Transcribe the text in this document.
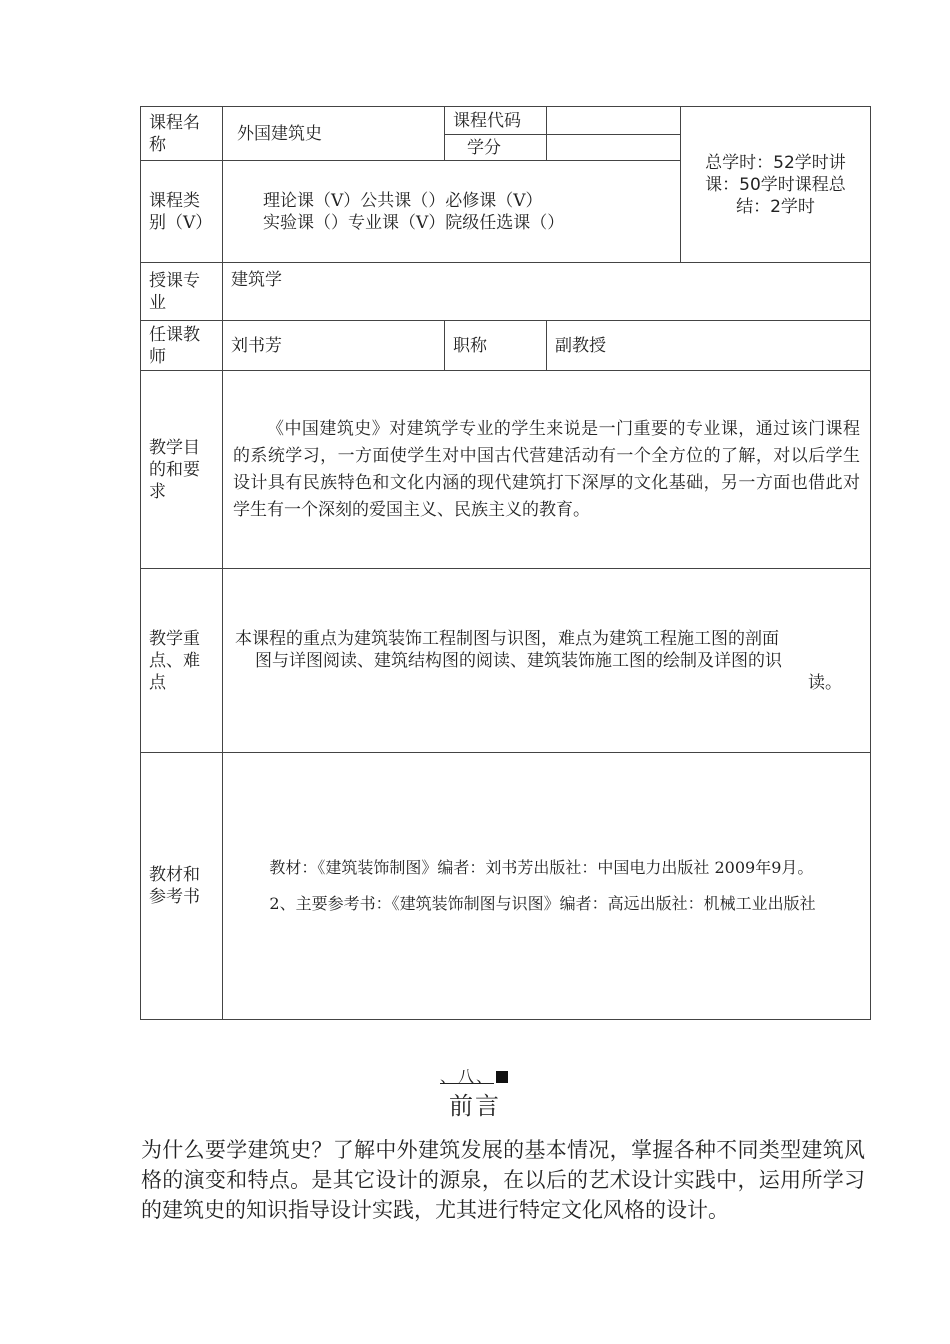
课程名称	外国建筑史	课程代码		总学时：52学时讲课：50学时课程总结：2学时
		学分		
课程类别（V）	理论课（V）公共课（）必修课（V）
实验课（）专业课（V）院级任选课（）			

授课专业	建筑学			
任课教师	刘书芳	职称	副教授	
教学目的和要求	《中国建筑史》对建筑学专业的学生来说是一门重要的专业课，通过该门课程的系统学习，一方面使学生对中国古代营建活动有一个全方位的了解，对以后学生设计具有民族特色和文化内涵的现代建筑打下深厚的文化基础，另一方面也借此对学生有一个深刻的爱国主义、民族主义的教育。			

教学重点、难点	本课程的重点为建筑装饰工程制图与识图，难点为建筑工程施工图的剖面
图与详图阅读、建筑结构图的阅读、建筑装饰施工图的绘制及详图的识
读。			

教材和参考书	教材：《建筑装饰制图》编者：刘书芳出版社：中国电力出版社 2009年9月。

2、主要参考书：《建筑装饰制图与识图》编者：高远出版社：机械工业出版社			

、八、
前言

为什么要学建筑史？了解中外建筑发展的基本情况，掌握各种不同类型建筑风格的演变和特点。是其它设计的源泉，在以后的艺术设计实践中，运用所学习的建筑史的知识指导设计实践，尤其进行特定文化风格的设计。
